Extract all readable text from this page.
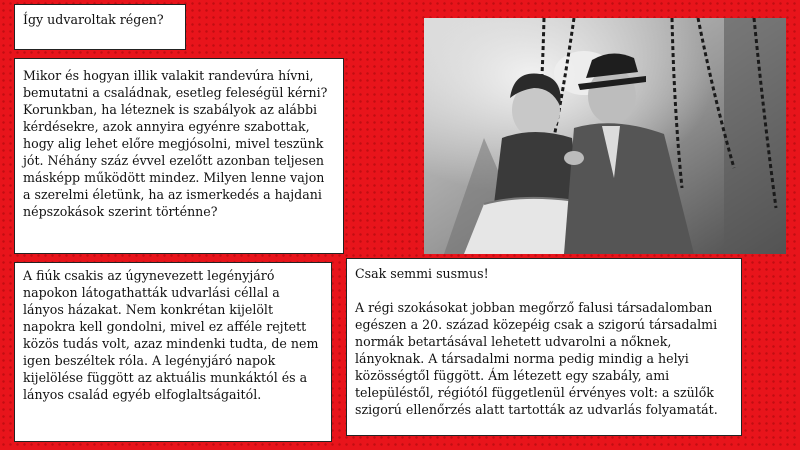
Így udvaroltak régen?
Mikor és hogyan illik valakit randevúra hívni, bemutatni a családnak, esetleg feleségül kérni? Korunkban, ha léteznek is szabályok az alábbi kérdésekre, azok annyira egyénre szabottak, hogy alig lehet előre megjósolni, mivel teszünk jót. Néhány száz évvel ezelőtt azonban teljesen másképp működött mindez. Milyen lenne vajon a szerelmi életünk, ha az ismerkedés a hajdani népszokások szerint történne?
A fiúk csakis az úgynevezett legényjáró napokon látogathatták udvarlási céllal a lányos házakat. Nem konkrétan kijelölt napokra kell gondolni, mivel ez afféle rejtett közös tudás volt, azaz mindenki tudta, de nem igen beszéltek róla. A legényjáró napok kijelölése függött az aktuális munkáktól és a lányos család egyéb elfoglaltságaitól.

Csak semmi susmus!

A régi szokásokat jobban megőrző falusi társadalomban egészen a 20. század közepéig csak a szigorú társadalmi normák betartásával lehetett udvarolni a nőknek, lányoknak. A társadalmi norma pedig mindig a helyi közösségtől függött. Ám létezett egy szabály, ami településtől, régiótól függetlenül érvényes volt: a szülők szigorú ellenőrzés alatt tartották az udvarlás folyamatát.
